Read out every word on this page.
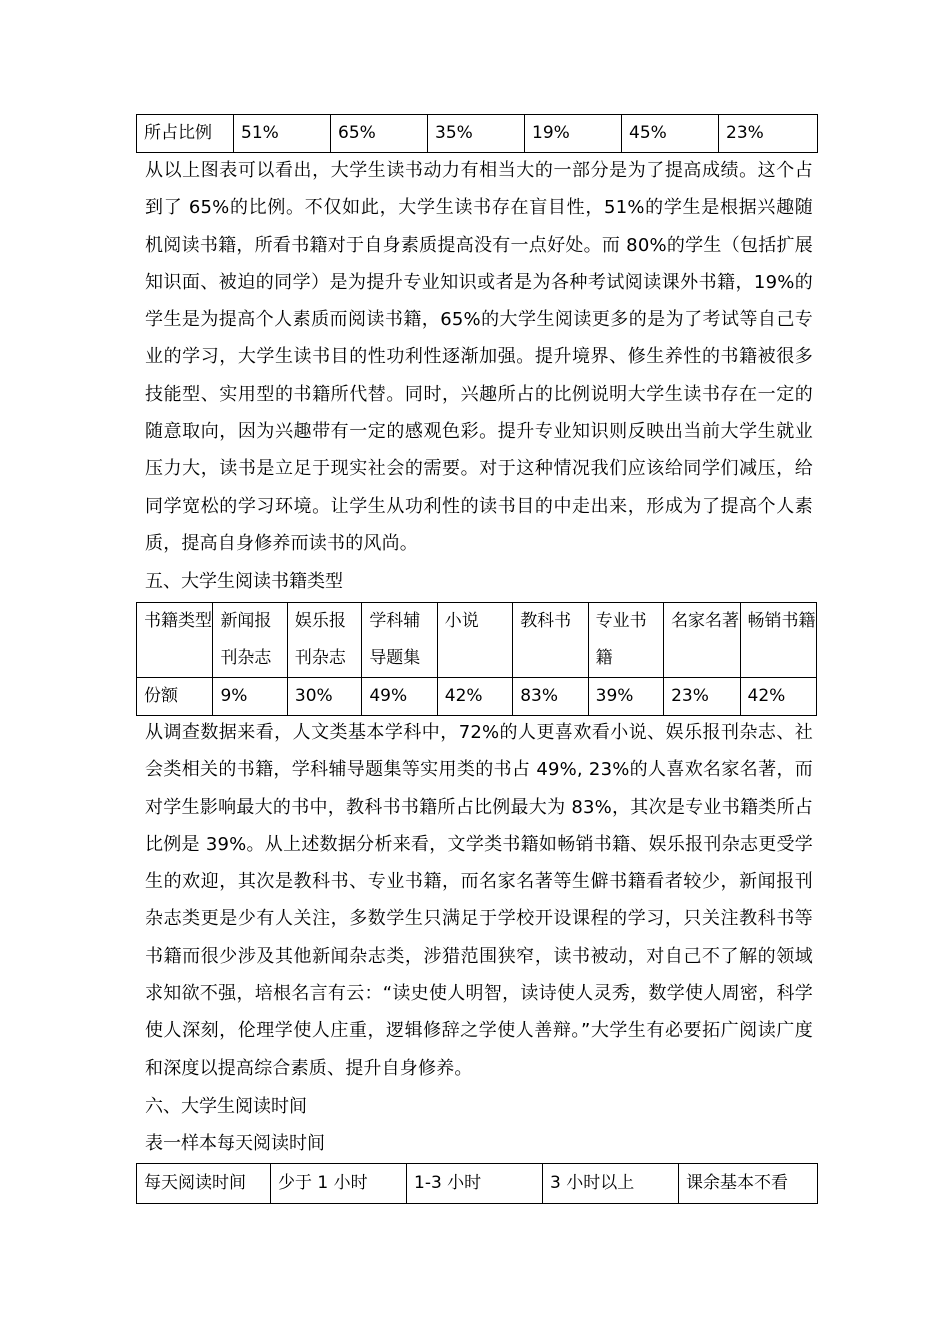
所占比例	51%	65%	35%	19%	45%	23%
从以上图表可以看出，大学生读书动力有相当大的一部分是为了提高成绩。这个占到了 65%的比例。不仅如此，大学生读书存在盲目性，51%的学生是根据兴趣随机阅读书籍，所看书籍对于自身素质提高没有一点好处。而 80%的学生（包括扩展知识面、被迫的同学）是为提升专业知识或者是为各种考试阅读课外书籍，19%的学生是为提高个人素质而阅读书籍，65%的大学生阅读更多的是为了考试等自己专业的学习，大学生读书目的性功利性逐渐加强。提升境界、修生养性的书籍被很多技能型、实用型的书籍所代替。同时，兴趣所占的比例说明大学生读书存在一定的随意取向，因为兴趣带有一定的感观色彩。提升专业知识则反映出当前大学生就业压力大，读书是立足于现实社会的需要。对于这种情况我们应该给同学们减压，给同学宽松的学习环境。让学生从功利性的读书目的中走出来，形成为了提高个人素质，提高自身修养而读书的风尚。
五、大学生阅读书籍类型
书籍类型	新闻报刊杂志	娱乐报刊杂志	学科辅导题集	小说	教科书	专业书籍	名家名著	畅销书籍
份额	9%	30%	49%	42%	83%	39%	23%	42%
从调查数据来看，人文类基本学科中，72%的人更喜欢看小说、娱乐报刊杂志、社会类相关的书籍，学科辅导题集等实用类的书占 49%, 23%的人喜欢名家名著，而对学生影响最大的书中，教科书书籍所占比例最大为 83%，其次是专业书籍类所占比例是 39%。从上述数据分析来看，文学类书籍如畅销书籍、娱乐报刊杂志更受学生的欢迎，其次是教科书、专业书籍，而名家名著等生僻书籍看者较少，新闻报刊杂志类更是少有人关注，多数学生只满足于学校开设课程的学习，只关注教科书等书籍而很少涉及其他新闻杂志类，涉猎范围狭窄，读书被动，对自己不了解的领域求知欲不强，培根名言有云：“读史使人明智，读诗使人灵秀，数学使人周密，科学使人深刻，伦理学使人庄重，逻辑修辞之学使人善辩。”大学生有必要拓广阅读广度和深度以提高综合素质、提升自身修养。
六、大学生阅读时间
表一样本每天阅读时间
每天阅读时间	少于 1 小时	1-3 小时	3 小时以上	课余基本不看
